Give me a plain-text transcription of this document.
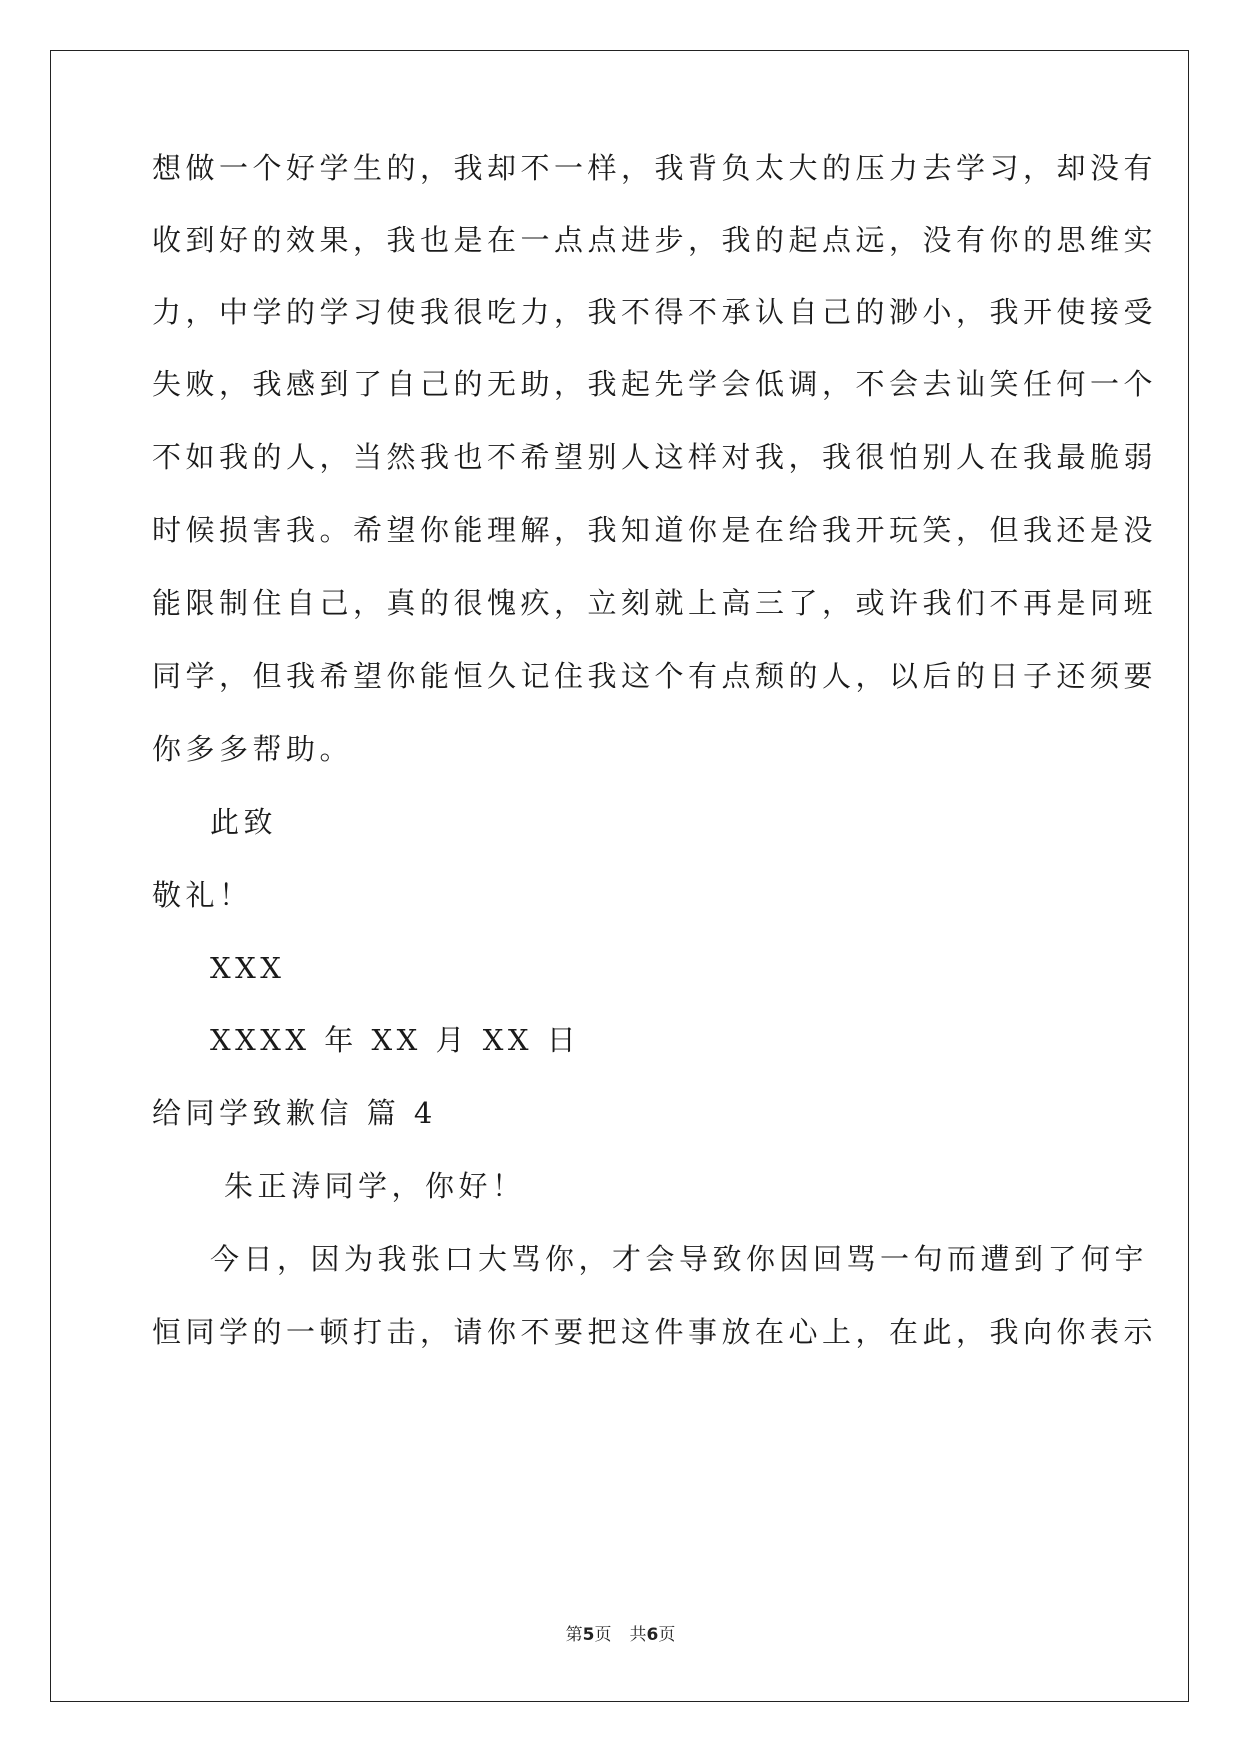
想做一个好学生的，我却不一样，我背负太大的压力去学习，却没有
收到好的效果，我也是在一点点进步，我的起点远，没有你的思维实
力，中学的学习使我很吃力，我不得不承认自己的渺小，我开使接受
失败，我感到了自己的无助，我起先学会低调，不会去讪笑任何一个
不如我的人，当然我也不希望别人这样对我，我很怕别人在我最脆弱
时候损害我。希望你能理解，我知道你是在给我开玩笑，但我还是没
能限制住自己，真的很愧疚，立刻就上高三了，或许我们不再是同班
同学，但我希望你能恒久记住我这个有点颓的人，以后的日子还须要
你多多帮助。
此致
敬礼！
XXX
XXXX 年 XX 月 XX 日
给同学致歉信 篇 4
朱正涛同学，你好！
今日，因为我张口大骂你，才会导致你因回骂一句而遭到了何宇
恒同学的一顿打击，请你不要把这件事放在心上，在此，我向你表示
第5页 共6页
